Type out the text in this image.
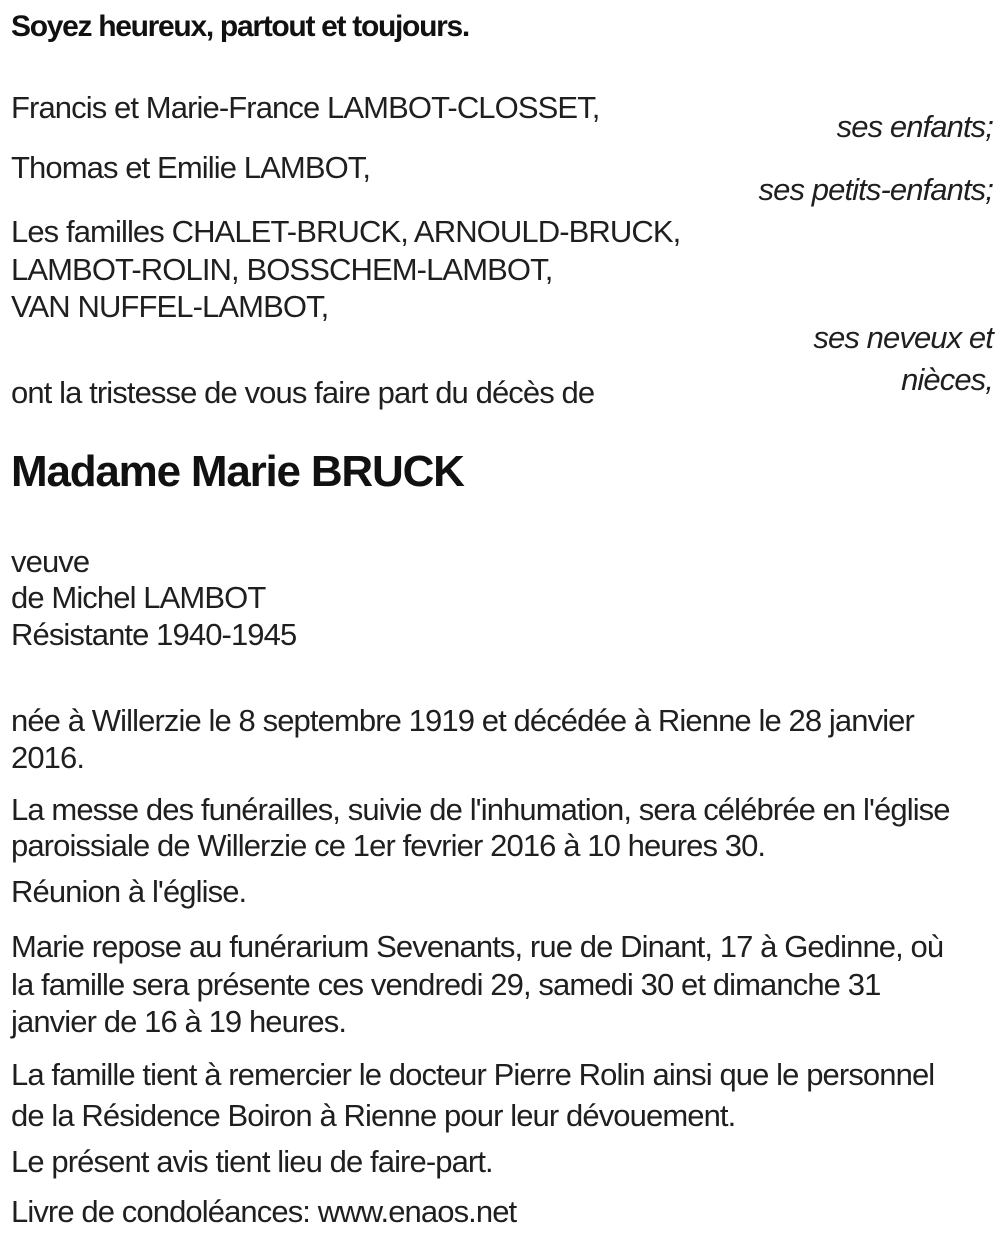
Soyez heureux, partout et toujours.
Francis et Marie-France LAMBOT-CLOSSET,
ses enfants;
Thomas et Emilie LAMBOT,
ses petits-enfants;
Les familles CHALET-BRUCK, ARNOULD-BRUCK,
LAMBOT-ROLIN, BOSSCHEM-LAMBOT,
VAN NUFFEL-LAMBOT,
ses neveux et
nièces,
ont la tristesse de vous faire part du décès de
Madame Marie BRUCK
veuve
de Michel LAMBOT
Résistante 1940-1945
née à Willerzie le 8 septembre 1919 et décédée à Rienne le 28 janvier
2016.
La messe des funérailles, suivie de l'inhumation, sera célébrée en l'église
paroissiale de Willerzie ce 1er fevrier 2016 à 10 heures 30.
Réunion à l'église.
Marie repose au funérarium Sevenants, rue de Dinant, 17 à Gedinne, où
la famille sera présente ces vendredi 29, samedi 30 et dimanche 31
janvier de 16 à 19 heures.
La famille tient à remercier le docteur Pierre Rolin ainsi que le personnel
de la Résidence Boiron à Rienne pour leur dévouement.
Le présent avis tient lieu de faire-part.
Livre de condoléances: www.enaos.net
